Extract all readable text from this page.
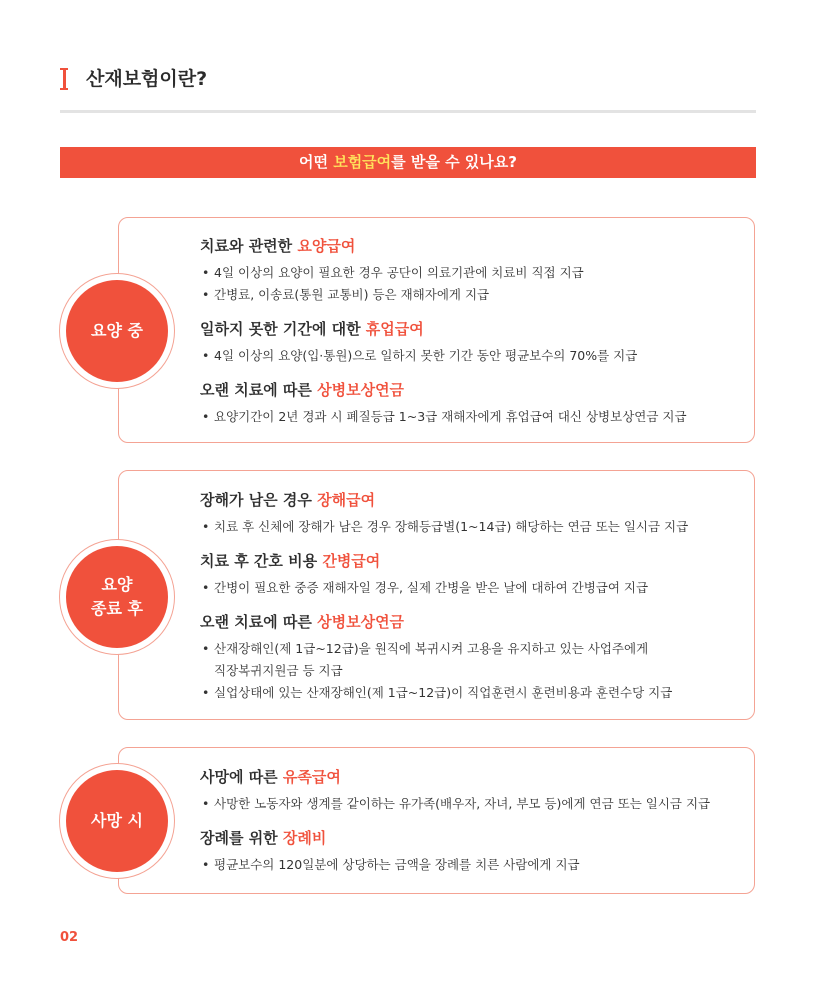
산재보험이란?
어떤 보험급여를 받을 수 있나요?
요양 중
치료와 관련한 요양급여
• 4일 이상의 요양이 필요한 경우 공단이 의료기관에 치료비 직접 지급
• 간병료, 이송료(통원 교통비) 등은 재해자에게 지급
일하지 못한 기간에 대한 휴업급여
• 4일 이상의 요양(입·통원)으로 일하지 못한 기간 동안 평균보수의 70%를 지급
오랜 치료에 따른 상병보상연금
• 요양기간이 2년 경과 시 폐질등급 1~3급 재해자에게 휴업급여 대신 상병보상연금 지급
요양
종료 후
장해가 남은 경우 장해급여
• 치료 후 신체에 장해가 남은 경우 장해등급별(1~14급) 해당하는 연금 또는 일시금 지급
치료 후 간호 비용 간병급여
• 간병이 필요한 중증 재해자일 경우, 실제 간병을 받은 날에 대하여 간병급여 지급
오랜 치료에 따른 상병보상연금
• 산재장해인(제 1급~12급)을 원직에 복귀시켜 고용을 유지하고 있는 사업주에게
직장복귀지원금 등 지급
• 실업상태에 있는 산재장해인(제 1급~12급)이 직업훈련시 훈련비용과 훈련수당 지급
사망 시
사망에 따른 유족급여
• 사망한 노동자와 생계를 같이하는 유가족(배우자, 자녀, 부모 등)에게 연금 또는 일시금 지급
장례를 위한 장례비
• 평균보수의 120일분에 상당하는 금액을 장례를 치른 사람에게 지급
02
